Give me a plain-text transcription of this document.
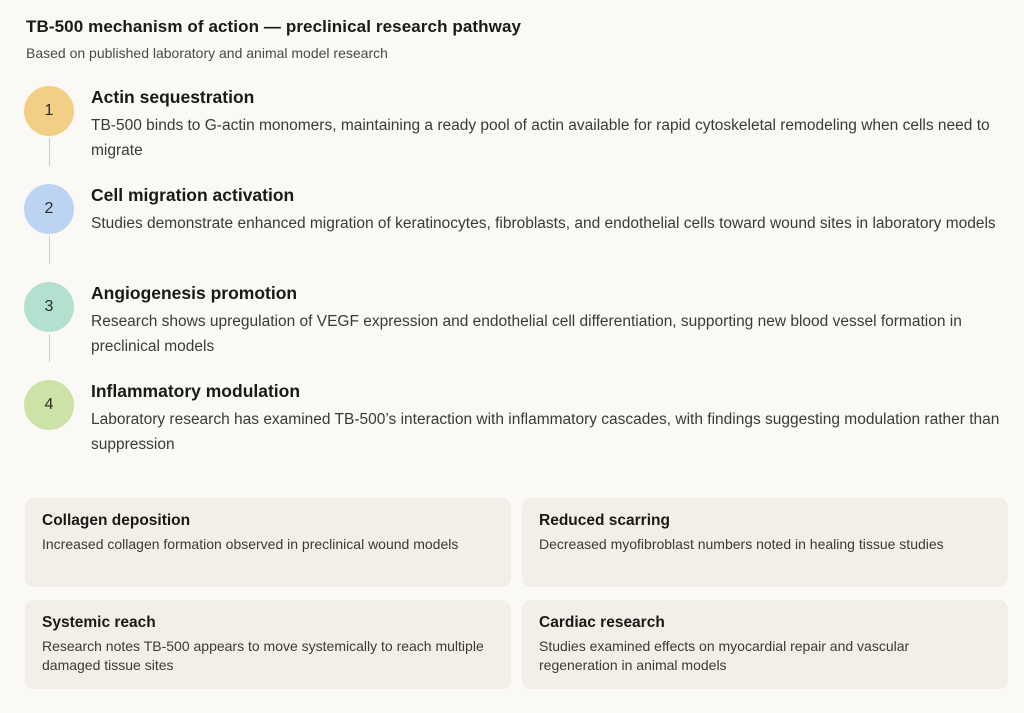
TB-500 mechanism of action — preclinical research pathway
Based on published laboratory and animal model research
1
Actin sequestration
TB-500 binds to G-actin monomers, maintaining a ready pool of actin available for rapid cytoskeletal remodeling when cells need to migrate
2
Cell migration activation
Studies demonstrate enhanced migration of keratinocytes, fibroblasts, and endothelial cells toward wound sites in laboratory models
3
Angiogenesis promotion
Research shows upregulation of VEGF expression and endothelial cell differentiation, supporting new blood vessel formation in preclinical models
4
Inflammatory modulation
Laboratory research has examined TB-500’s interaction with inflammatory cascades, with findings suggesting modulation rather than suppression
Collagen deposition
Increased collagen formation observed in preclinical wound models
Reduced scarring
Decreased myofibroblast numbers noted in healing tissue studies
Systemic reach
Research notes TB-500 appears to move systemically to reach multiple damaged tissue sites
Cardiac research
Studies examined effects on myocardial repair and vascular regeneration in animal models
